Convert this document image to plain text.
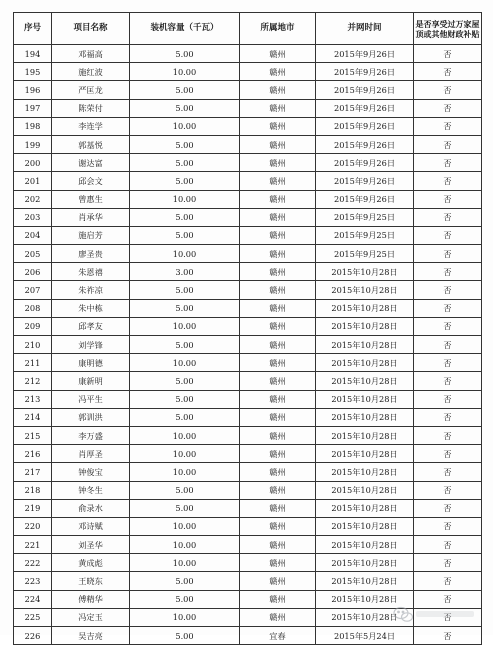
序号	项目名称	装机容量（千瓦）	所属地市	并网时间	是否享受过万家屋顶或其他财政补贴
194	邓福高	5.00	赣州	2015年9月26日	否
195	施红波	10.00	赣州	2015年9月26日	否
196	严匡龙	5.00	赣州	2015年9月26日	否
197	陈荣付	5.00	赣州	2015年9月26日	否
198	李连学	10.00	赣州	2015年9月26日	否
199	郭基悦	5.00	赣州	2015年9月26日	否
200	谢达富	5.00	赣州	2015年9月26日	否
201	邱会文	5.00	赣州	2015年9月26日	否
202	曾惠生	10.00	赣州	2015年9月26日	否
203	肖承华	5.00	赣州	2015年9月25日	否
204	施启芳	5.00	赣州	2015年9月25日	否
205	廖圣贵	10.00	赣州	2015年9月25日	否
206	朱恩禧	3.00	赣州	2015年10月28日	否
207	朱祚凉	5.00	赣州	2015年10月28日	否
208	朱中栋	5.00	赣州	2015年10月28日	否
209	邱孝友	10.00	赣州	2015年10月28日	否
210	刘学锋	5.00	赣州	2015年10月28日	否
211	康明德	10.00	赣州	2015年10月28日	否
212	康新明	5.00	赣州	2015年10月28日	否
213	冯平生	5.00	赣州	2015年10月28日	否
214	郭训洪	5.00	赣州	2015年10月28日	否
215	李万盛	10.00	赣州	2015年10月28日	否
216	肖厚圣	10.00	赣州	2015年10月28日	否
217	钟俊宝	10.00	赣州	2015年10月28日	否
218	钟冬生	5.00	赣州	2015年10月28日	否
219	俞录水	5.00	赣州	2015年10月28日	否
220	邓诗赋	10.00	赣州	2015年10月28日	否
221	刘圣华	10.00	赣州	2015年10月28日	否
222	黄成彪	10.00	赣州	2015年10月28日	否
223	王晓东	5.00	赣州	2015年10月28日	否
224	傅精华	5.00	赣州	2015年10月28日	否
225	冯定玉	10.00	赣州	2015年10月28日	否
226	吴吉亮	5.00	宜春	2015年5月24日	否
